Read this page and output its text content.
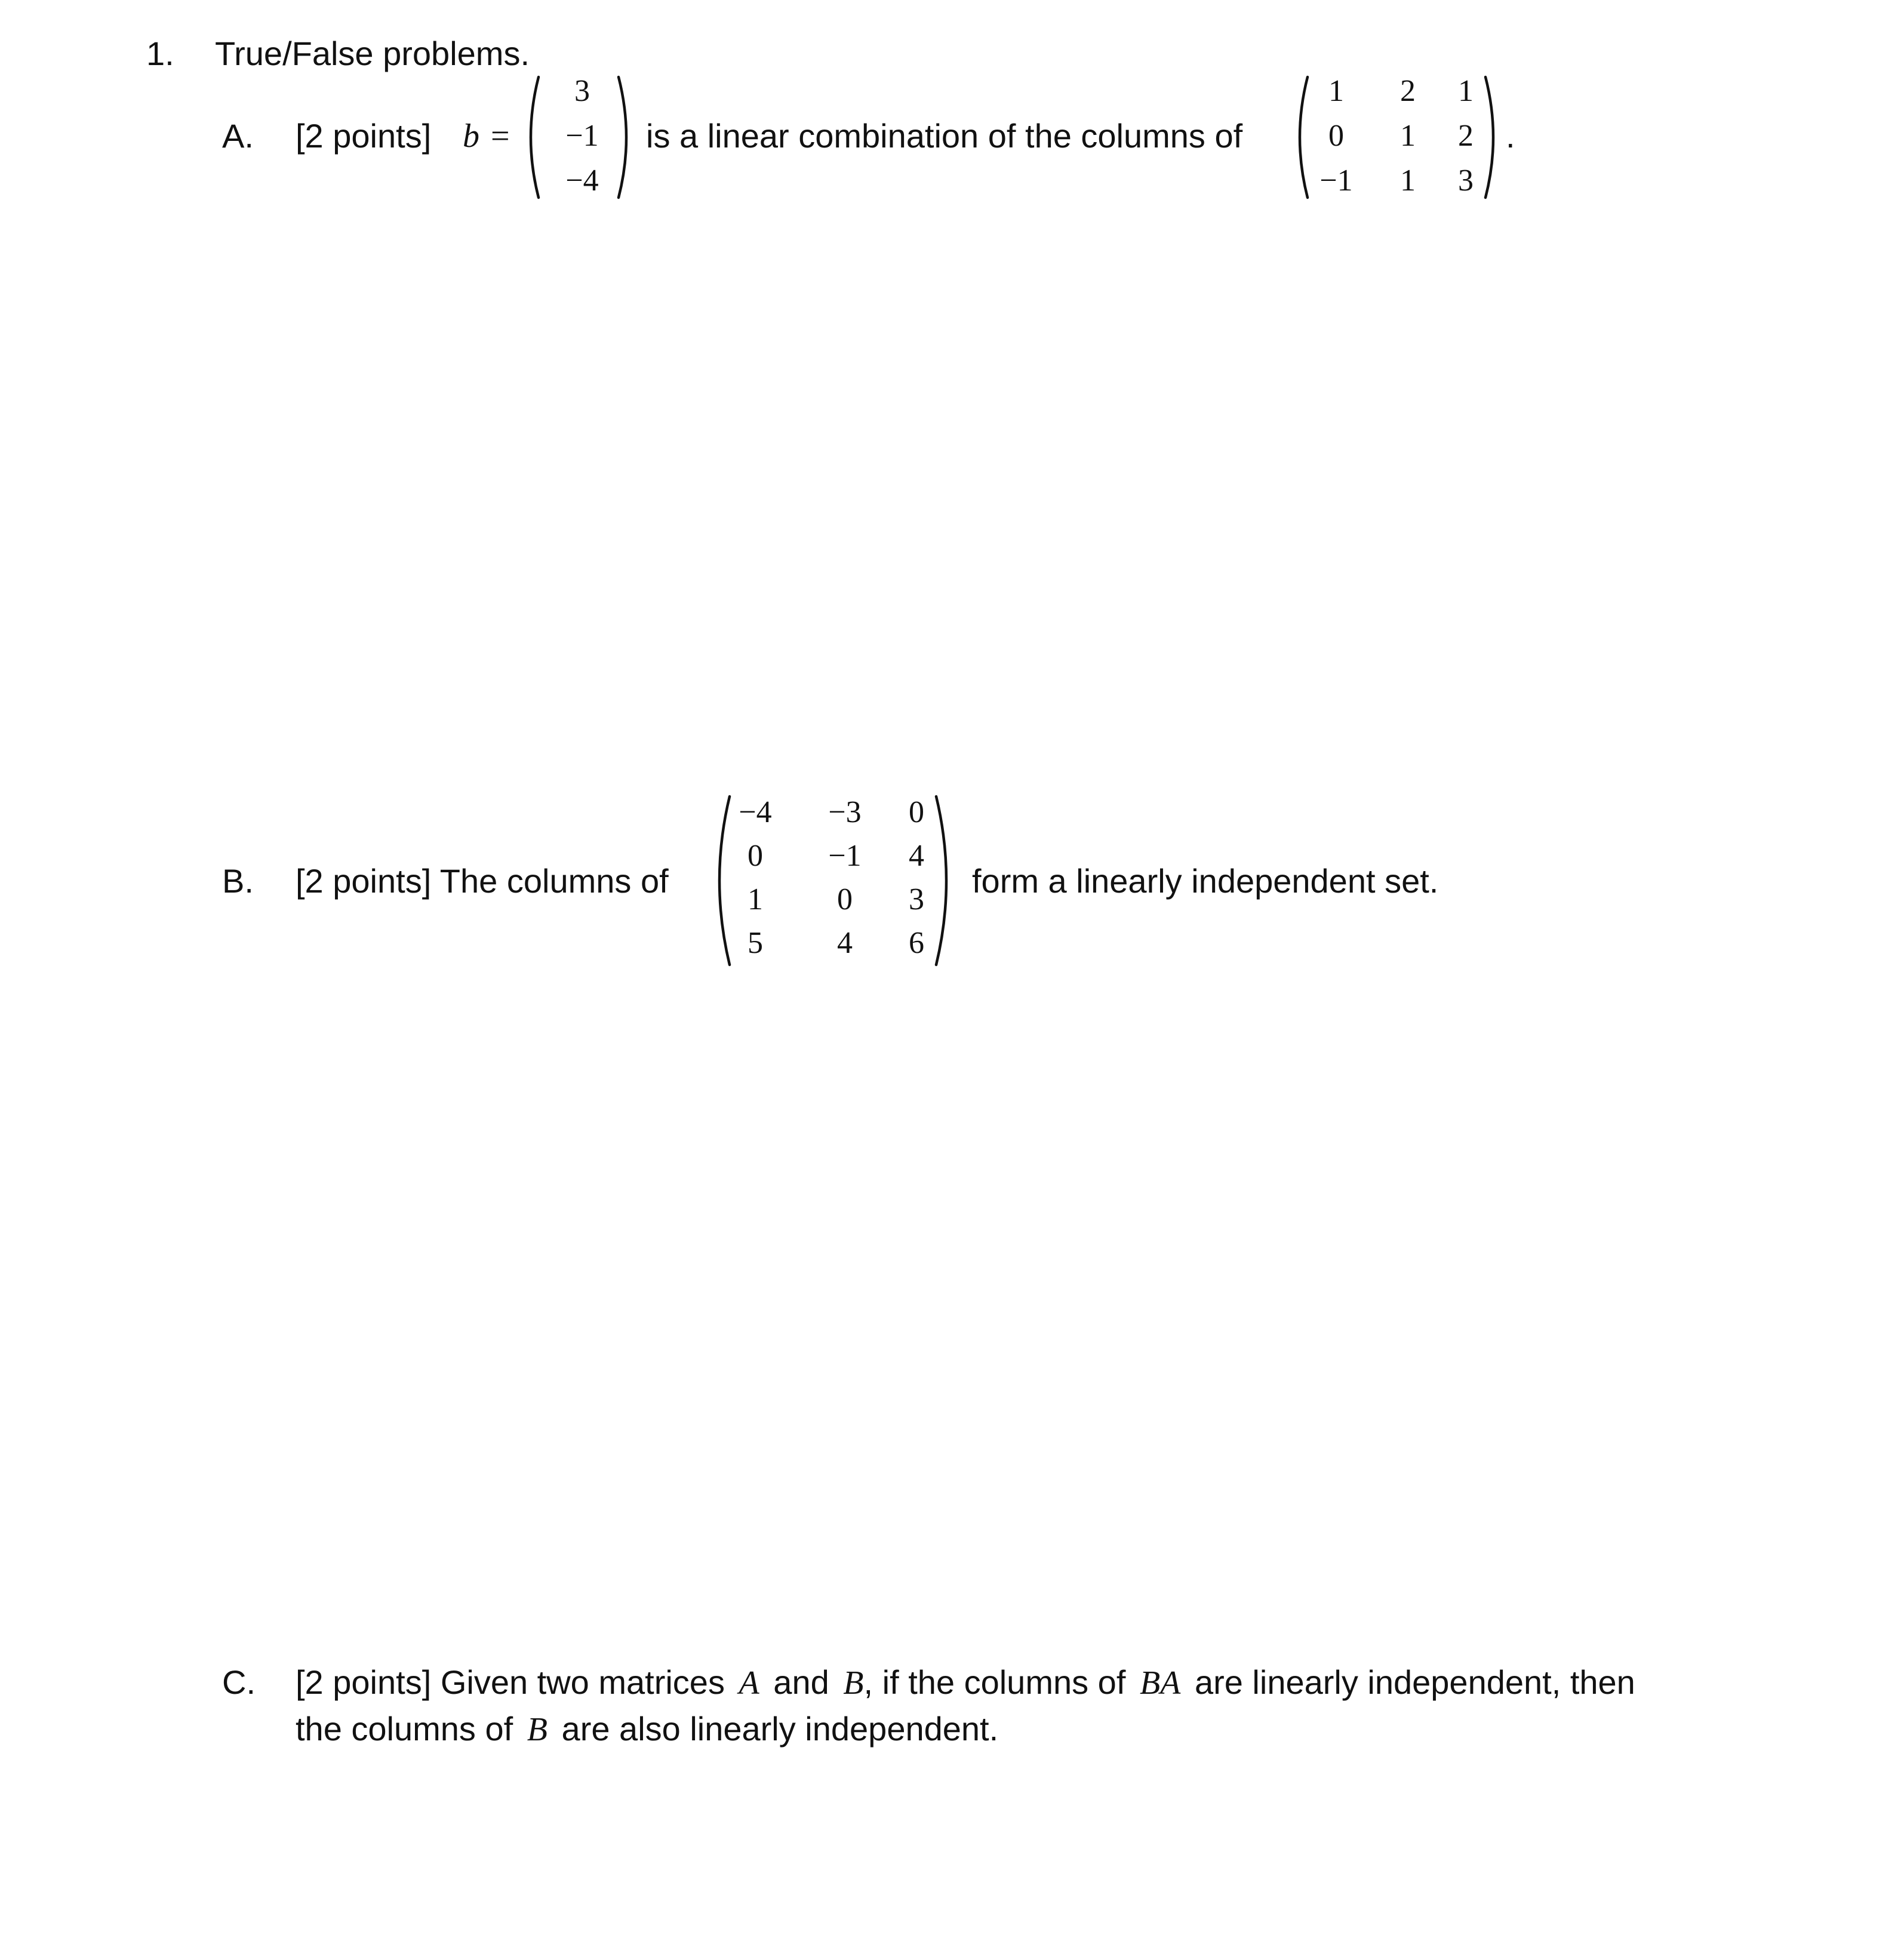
1. True/False problems.
A. [2 points] b =
3
−1
−4
is a linear combination of the columns of
1	2	1
0	1	2
−1	1	3
.
B. [2 points] The columns of
−4	−3	0
0	−1	4
1	0	3
5	4	6
form a linearly independent set.
C. [2 points] Given two matrices A and B, if the columns of BA are linearly independent, then
the columns of B are also linearly independent.
